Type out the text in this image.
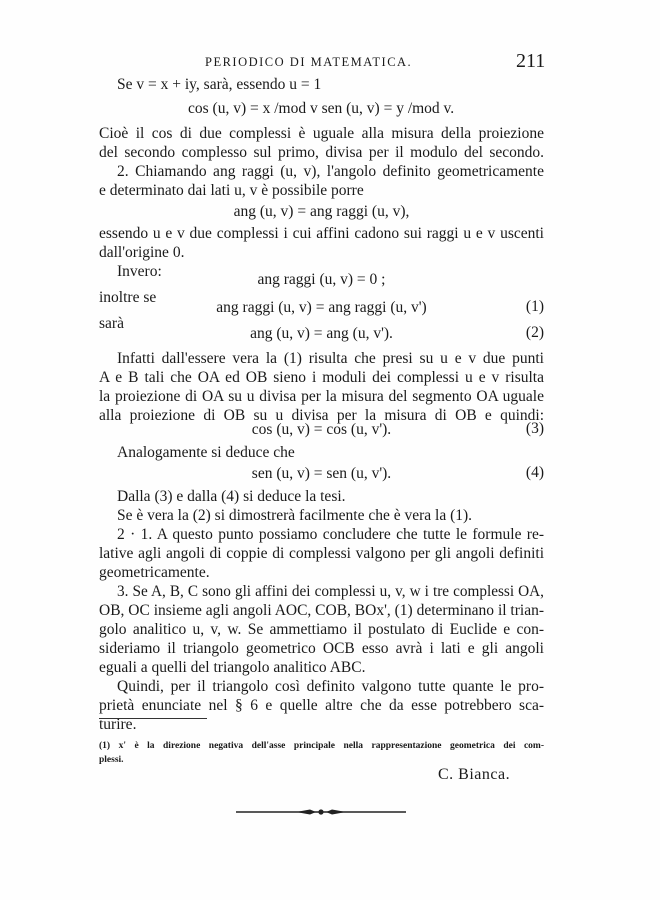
PERIODICO DI MATEMATICA.	211
Se v = x + iy, sarà, essendo u = 1
cos (u, v) = x /mod v sen (u, v) = y /mod v.
Cioè il cos di due complessi è uguale alla misura della proiezione
del secondo complesso sul primo, divisa per il modulo del secondo.
2. Chiamando ang raggi (u, v), l'angolo definito geometricamente
e determinato dai lati u, v è possibile porre
ang (u, v) = ang raggi (u, v),
essendo u e v due complessi i cui affini cadono sui raggi u e v uscenti
dall'origine 0.
Invero:	ang raggi (u, v) = 0 ;
inoltre se
ang raggi (u, v) = ang raggi (u, v')	(1)
sarà
ang (u, v) = ang (u, v').	(2)
Infatti dall'essere vera la (1) risulta che presi su u e v due punti
A e B tali che OA ed OB sieno i moduli dei complessi u e v risulta
la proiezione di OA su u divisa per la misura del segmento OA uguale
alla proiezione di OB su u divisa per la misura di OB e quindi:
cos (u, v) = cos (u, v').	(3)
Analogamente si deduce che
sen (u, v) = sen (u, v').	(4)
Dalla (3) e dalla (4) si deduce la tesi.
Se è vera la (2) si dimostrerà facilmente che è vera la (1).
2 · 1. A questo punto possiamo concludere che tutte le formule re-
lative agli angoli di coppie di complessi valgono per gli angoli definiti
geometricamente.
3. Se A, B, C sono gli affini dei complessi u, v, w i tre complessi OA,
OB, OC insieme agli angoli AOC, COB, BOx', (1) determinano il trian-
golo analitico u, v, w. Se ammettiamo il postulato di Euclide e con-
sideriamo il triangolo geometrico OCB esso avrà i lati e gli angoli
eguali a quelli del triangolo analitico ABC.
Quindi, per il triangolo così definito valgono tutte quante le pro-
prietà enunciate nel § 6 e quelle altre che da esse potrebbero sca-
turire.
(1) x' è la direzione negativa dell'asse principale nella rappresentazione geometrica dei com-
plessi.
C. Bianca.
